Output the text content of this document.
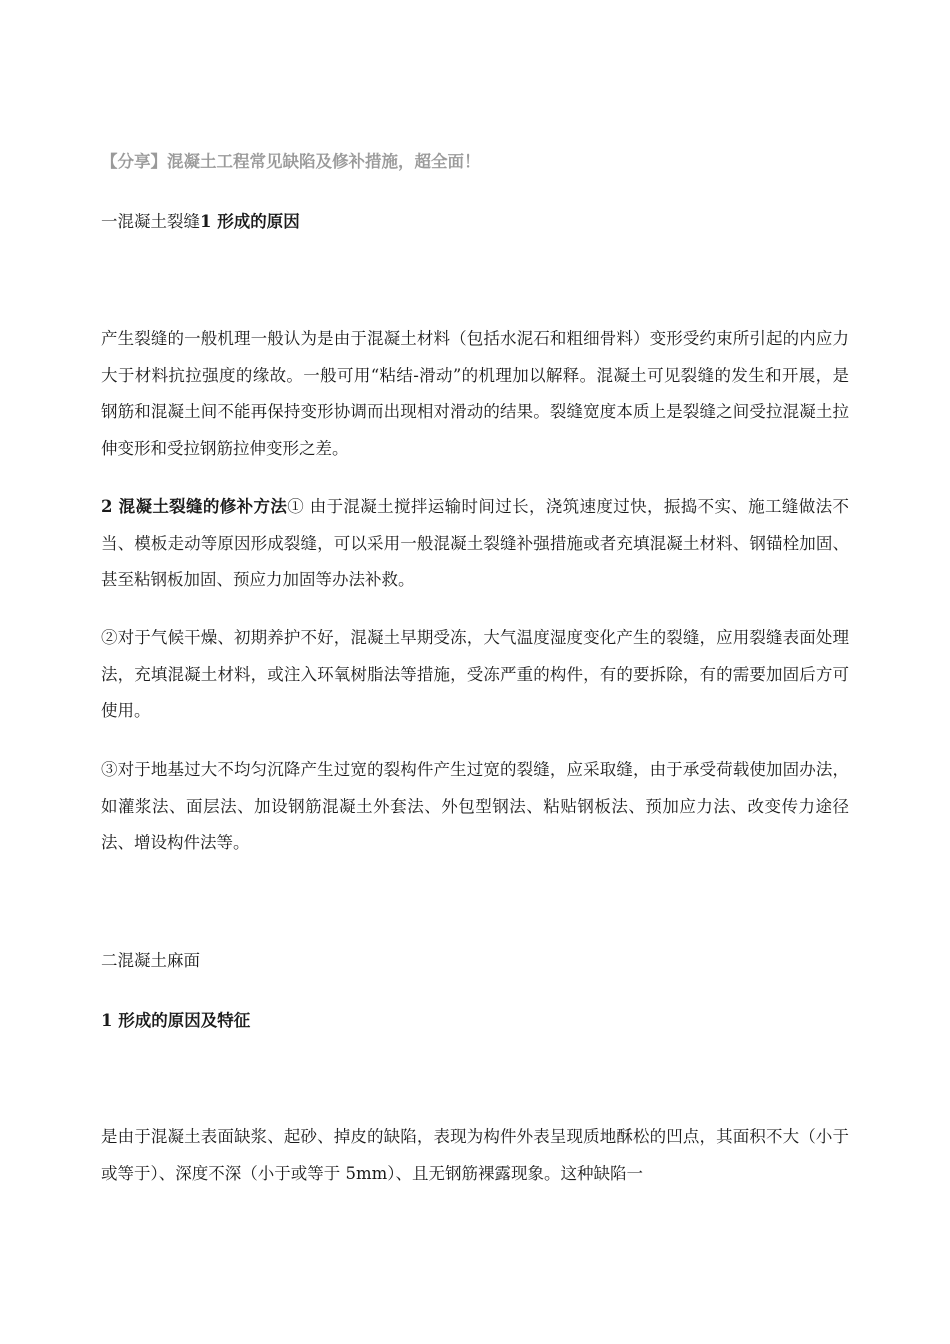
【分享】混凝土工程常见缺陷及修补措施，超全面！
一混凝土裂缝1 形成的原因
产生裂缝的一般机理一般认为是由于混凝土材料（包括水泥石和粗细骨料）变形受约束所引起的内应力大于材料抗拉强度的缘故。一般可用“粘结-滑动”的机理加以解释。混凝土可见裂缝的发生和开展，是钢筋和混凝土间不能再保持变形协调而出现相对滑动的结果。裂缝宽度本质上是裂缝之间受拉混凝土拉伸变形和受拉钢筋拉伸变形之差。
2 混凝土裂缝的修补方法① 由于混凝土搅拌运输时间过长，浇筑速度过快，振捣不实、施工缝做法不当、模板走动等原因形成裂缝，可以采用一般混凝土裂缝补强措施或者充填混凝土材料、钢锚栓加固、甚至粘钢板加固、预应力加固等办法补救。
②对于气候干燥、初期养护不好，混凝土早期受冻，大气温度湿度变化产生的裂缝，应用裂缝表面处理法，充填混凝土材料，或注入环氧树脂法等措施，受冻严重的构件，有的要拆除，有的需要加固后方可使用。
③对于地基过大不均匀沉降产生过宽的裂构件产生过宽的裂缝，应采取缝，由于承受荷载使加固办法，如灌浆法、面层法、加设钢筋混凝土外套法、外包型钢法、粘贴钢板法、预加应力法、改变传力途径法、增设构件法等。
二混凝土麻面
1 形成的原因及特征
是由于混凝土表面缺浆、起砂、掉皮的缺陷，表现为构件外表呈现质地酥松的凹点，其面积不大（小于或等于）、深度不深（小于或等于 5mm）、且无钢筋裸露现象。这种缺陷一
